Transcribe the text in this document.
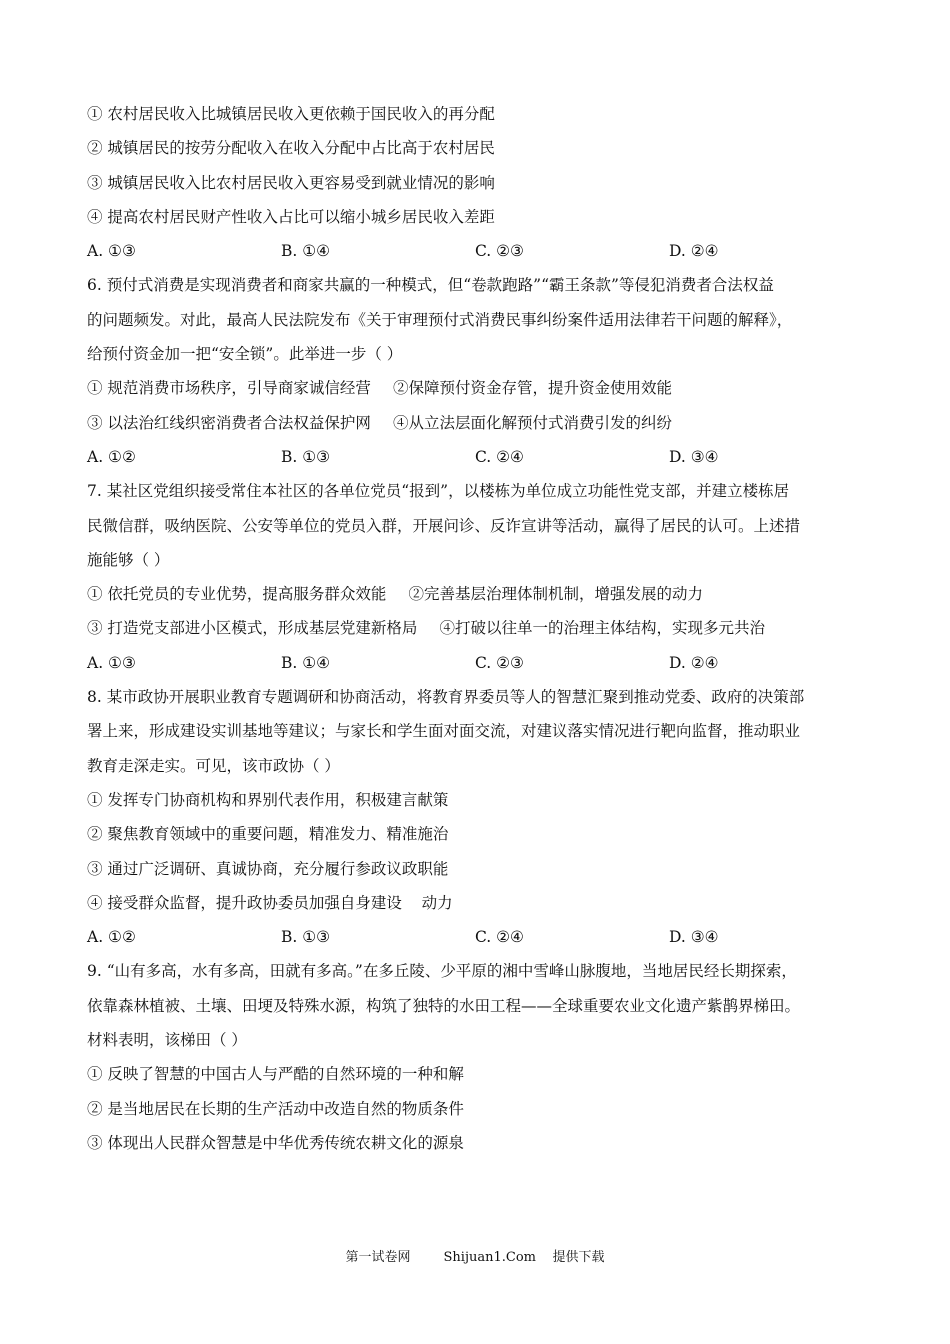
① 农村居民收入比城镇居民收入更依赖于国民收入的再分配
② 城镇居民的按劳分配收入在收入分配中占比高于农村居民
③ 城镇居民收入比农村居民收入更容易受到就业情况的影响
④ 提高农村居民财产性收入占比可以缩小城乡居民收入差距
A. ①③	B. ①④	C. ②③	D. ②④
6. 预付式消费是实现消费者和商家共赢的一种模式，但“卷款跑路”“霸王条款”等侵犯消费者合法权益
的问题频发。对此，最高人民法院发布《关于审理预付式消费民事纠纷案件适用法律若干问题的解释》，
给预付资金加一把“安全锁”。此举进一步（ ）
① 规范消费市场秩序，引导商家诚信经营 ②保障预付资金存管，提升资金使用效能
③ 以法治红线织密消费者合法权益保护网 ④从立法层面化解预付式消费引发的纠纷
A. ①②	B. ①③	C. ②④	D. ③④
7. 某社区党组织接受常住本社区的各单位党员“报到”，以楼栋为单位成立功能性党支部，并建立楼栋居
民微信群，吸纳医院、公安等单位的党员入群，开展问诊、反诈宣讲等活动，赢得了居民的认可。上述措
施能够（ ）
① 依托党员的专业优势，提高服务群众效能 ②完善基层治理体制机制，增强发展的动力
③ 打造党支部进小区模式，形成基层党建新格局 ④打破以往单一的治理主体结构，实现多元共治
A. ①③	B. ①④	C. ②③	D. ②④
8. 某市政协开展职业教育专题调研和协商活动，将教育界委员等人的智慧汇聚到推动党委、政府的决策部
署上来，形成建设实训基地等建议；与家长和学生面对面交流，对建议落实情况进行靶向监督，推动职业
教育走深走实。可见，该市政协（ ）
① 发挥专门协商机构和界别代表作用，积极建言献策
② 聚焦教育领域中的重要问题，精准发力、精准施治
③ 通过广泛调研、真诚协商，充分履行参政议政职能
④ 接受群众监督，提升政协委员加强自身建设    动力
A. ①②	B. ①③	C. ②④	D. ③④
9. “山有多高，水有多高，田就有多高。”在多丘陵、少平原的湘中雪峰山脉腹地，当地居民经长期探索，
依靠森林植被、土壤、田埂及特殊水源，构筑了独特的水田工程——全球重要农业文化遗产紫鹊界梯田。
材料表明，该梯田（ ）
① 反映了智慧的中国古人与严酷的自然环境的一种和解
② 是当地居民在长期的生产活动中改造自然的物质条件
③ 体现出人民群众智慧是中华优秀传统农耕文化的源泉
第一试卷网        Shijuan1.Com    提供下载
